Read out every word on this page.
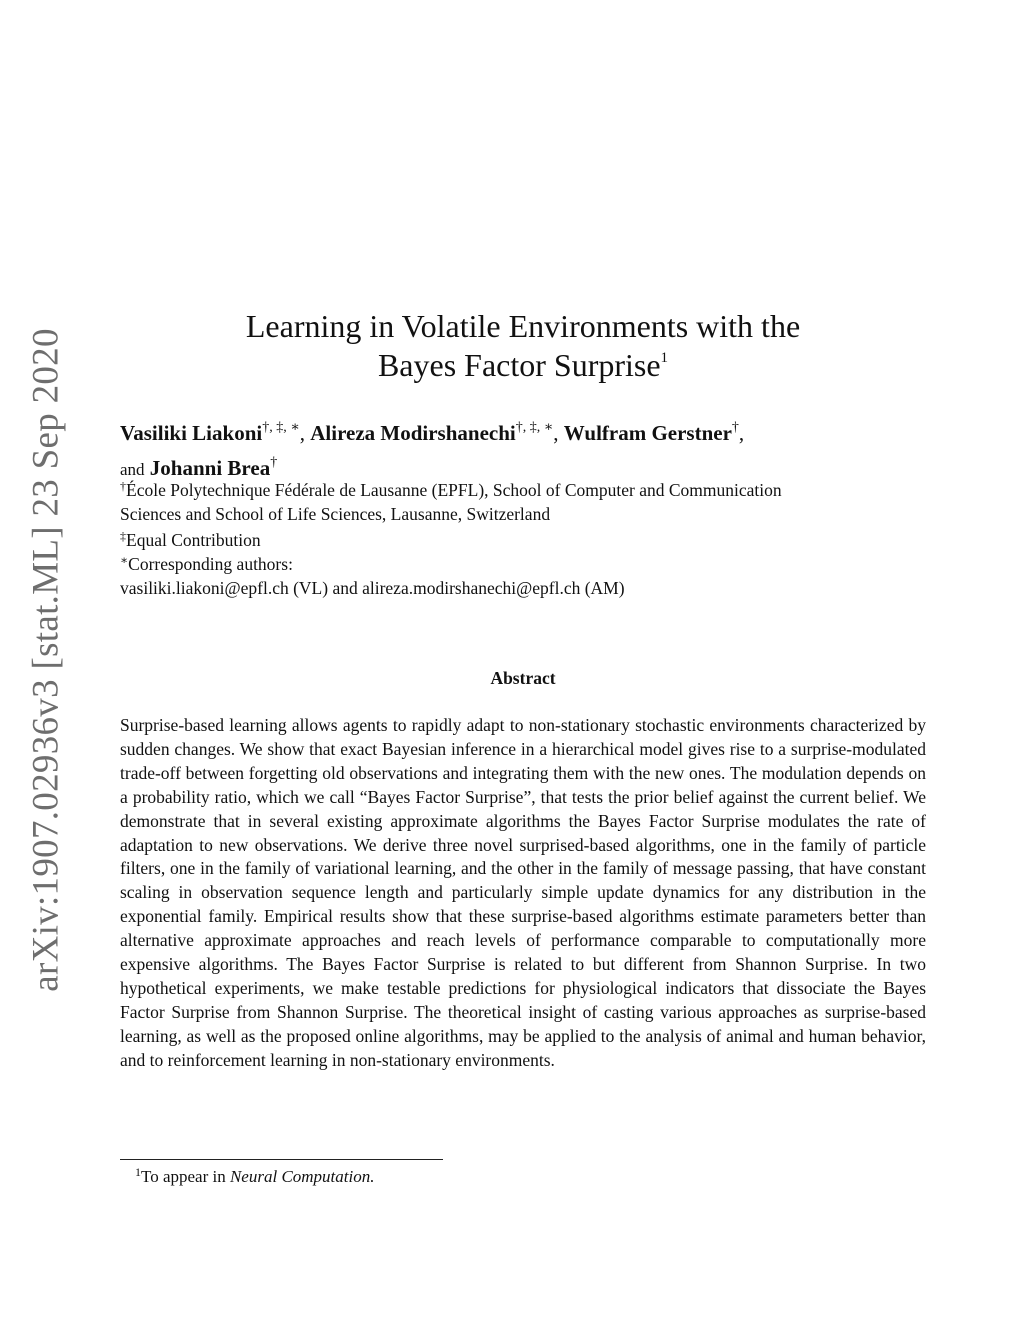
arXiv:1907.02936v3 [stat.ML] 23 Sep 2020
Learning in Volatile Environments with the
Bayes Factor Surprise$^1$
Vasiliki Liakoni†, ‡, ∗, Alireza Modirshanechi†, ‡, ∗, Wulfram Gerstner†,
and Johanni Brea†

†École Polytechnique Fédérale de Lausanne (EPFL), School of Computer and Communication
Sciences and School of Life Sciences, Lausanne, Switzerland

‡Equal Contribution

∗Corresponding authors:
vasiliki.liakoni@epfl.ch (VL) and alireza.modirshanechi@epfl.ch (AM)

Abstract

Surprise-based learning allows agents to rapidly adapt to non-stationary stochastic environments characterized by sudden changes. We show that exact Bayesian inference in a hierarchical model gives rise to a surprise-modulated trade-off between forgetting old observations and integrating them with the new ones. The modulation depends on a probability ratio, which we call “Bayes Factor Surprise”, that tests the prior belief against the current belief. We demonstrate that in several existing approximate algorithms the Bayes Factor Surprise modulates the rate of adaptation to new observations. We derive three novel surprised-based algorithms, one in the family of particle filters, one in the family of variational learning, and the other in the family of message passing, that have constant scaling in observation sequence length and particularly simple update dynamics for any distribution in the exponential family. Empirical results show that these surprise-based algorithms estimate parameters better than alternative approximate approaches and reach levels of performance comparable to computationally more expensive algorithms. The Bayes Factor Surprise is related to but different from Shannon Surprise. In two hypothetical experiments, we make testable predictions for physiological indicators that dissociate the Bayes Factor Surprise from Shannon Surprise. The theoretical insight of casting various approaches as surprise-based learning, as well as the proposed online algorithms, may be applied to the analysis of animal and human behavior, and to reinforcement learning in non-stationary environments.

$^1$To appear in Neural Computation.
